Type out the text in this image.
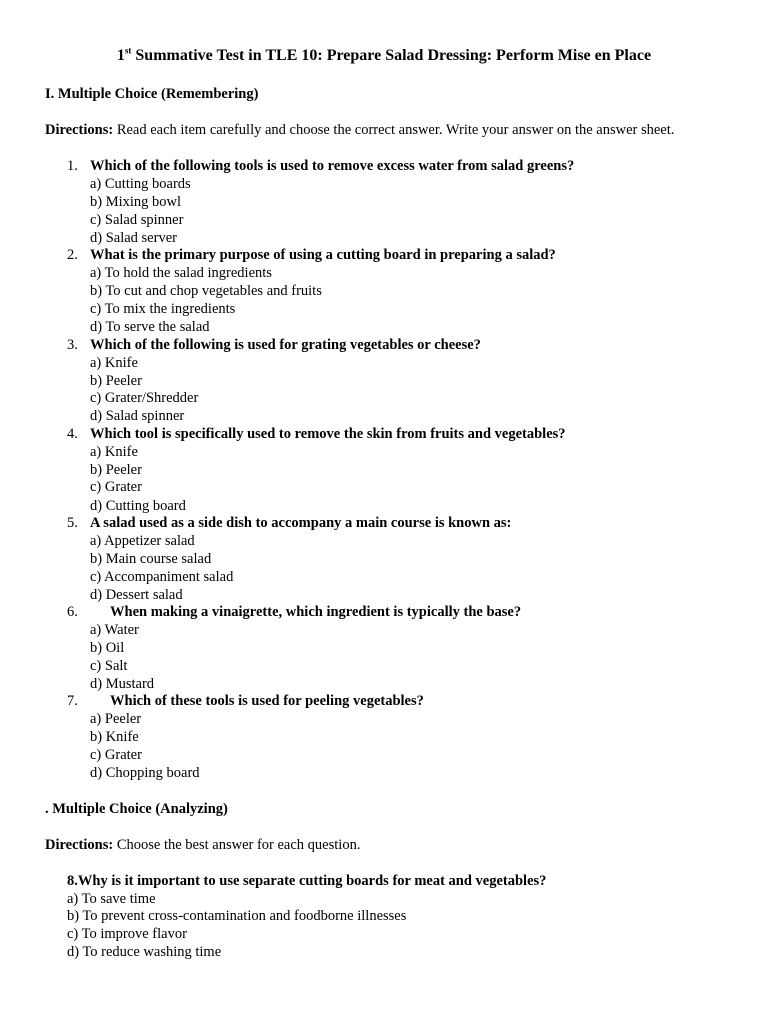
1st Summative Test in TLE 10: Prepare Salad Dressing: Perform Mise en Place
I. Multiple Choice (Remembering)
Directions: Read each item carefully and choose the correct answer. Write your answer on the answer sheet.
1. Which of the following tools is used to remove excess water from salad greens?
a) Cutting boards
b) Mixing bowl
c) Salad spinner
d) Salad server
2. What is the primary purpose of using a cutting board in preparing a salad?
a) To hold the salad ingredients
b) To cut and chop vegetables and fruits
c) To mix the ingredients
d) To serve the salad
3. Which of the following is used for grating vegetables or cheese?
a) Knife
b) Peeler
c) Grater/Shredder
d) Salad spinner
4. Which tool is specifically used to remove the skin from fruits and vegetables?
a) Knife
b) Peeler
c) Grater
d) Cutting board
5. A salad used as a side dish to accompany a main course is known as:
a) Appetizer salad
b) Main course salad
c) Accompaniment salad
d) Dessert salad
6. When making a vinaigrette, which ingredient is typically the base?
a) Water
b) Oil
c) Salt
d) Mustard
7. Which of these tools is used for peeling vegetables?
a) Peeler
b) Knife
c) Grater
d) Chopping board
. Multiple Choice (Analyzing)
Directions: Choose the best answer for each question.
8.Why is it important to use separate cutting boards for meat and vegetables?
a) To save time
b) To prevent cross-contamination and foodborne illnesses
c) To improve flavor
d) To reduce washing time
